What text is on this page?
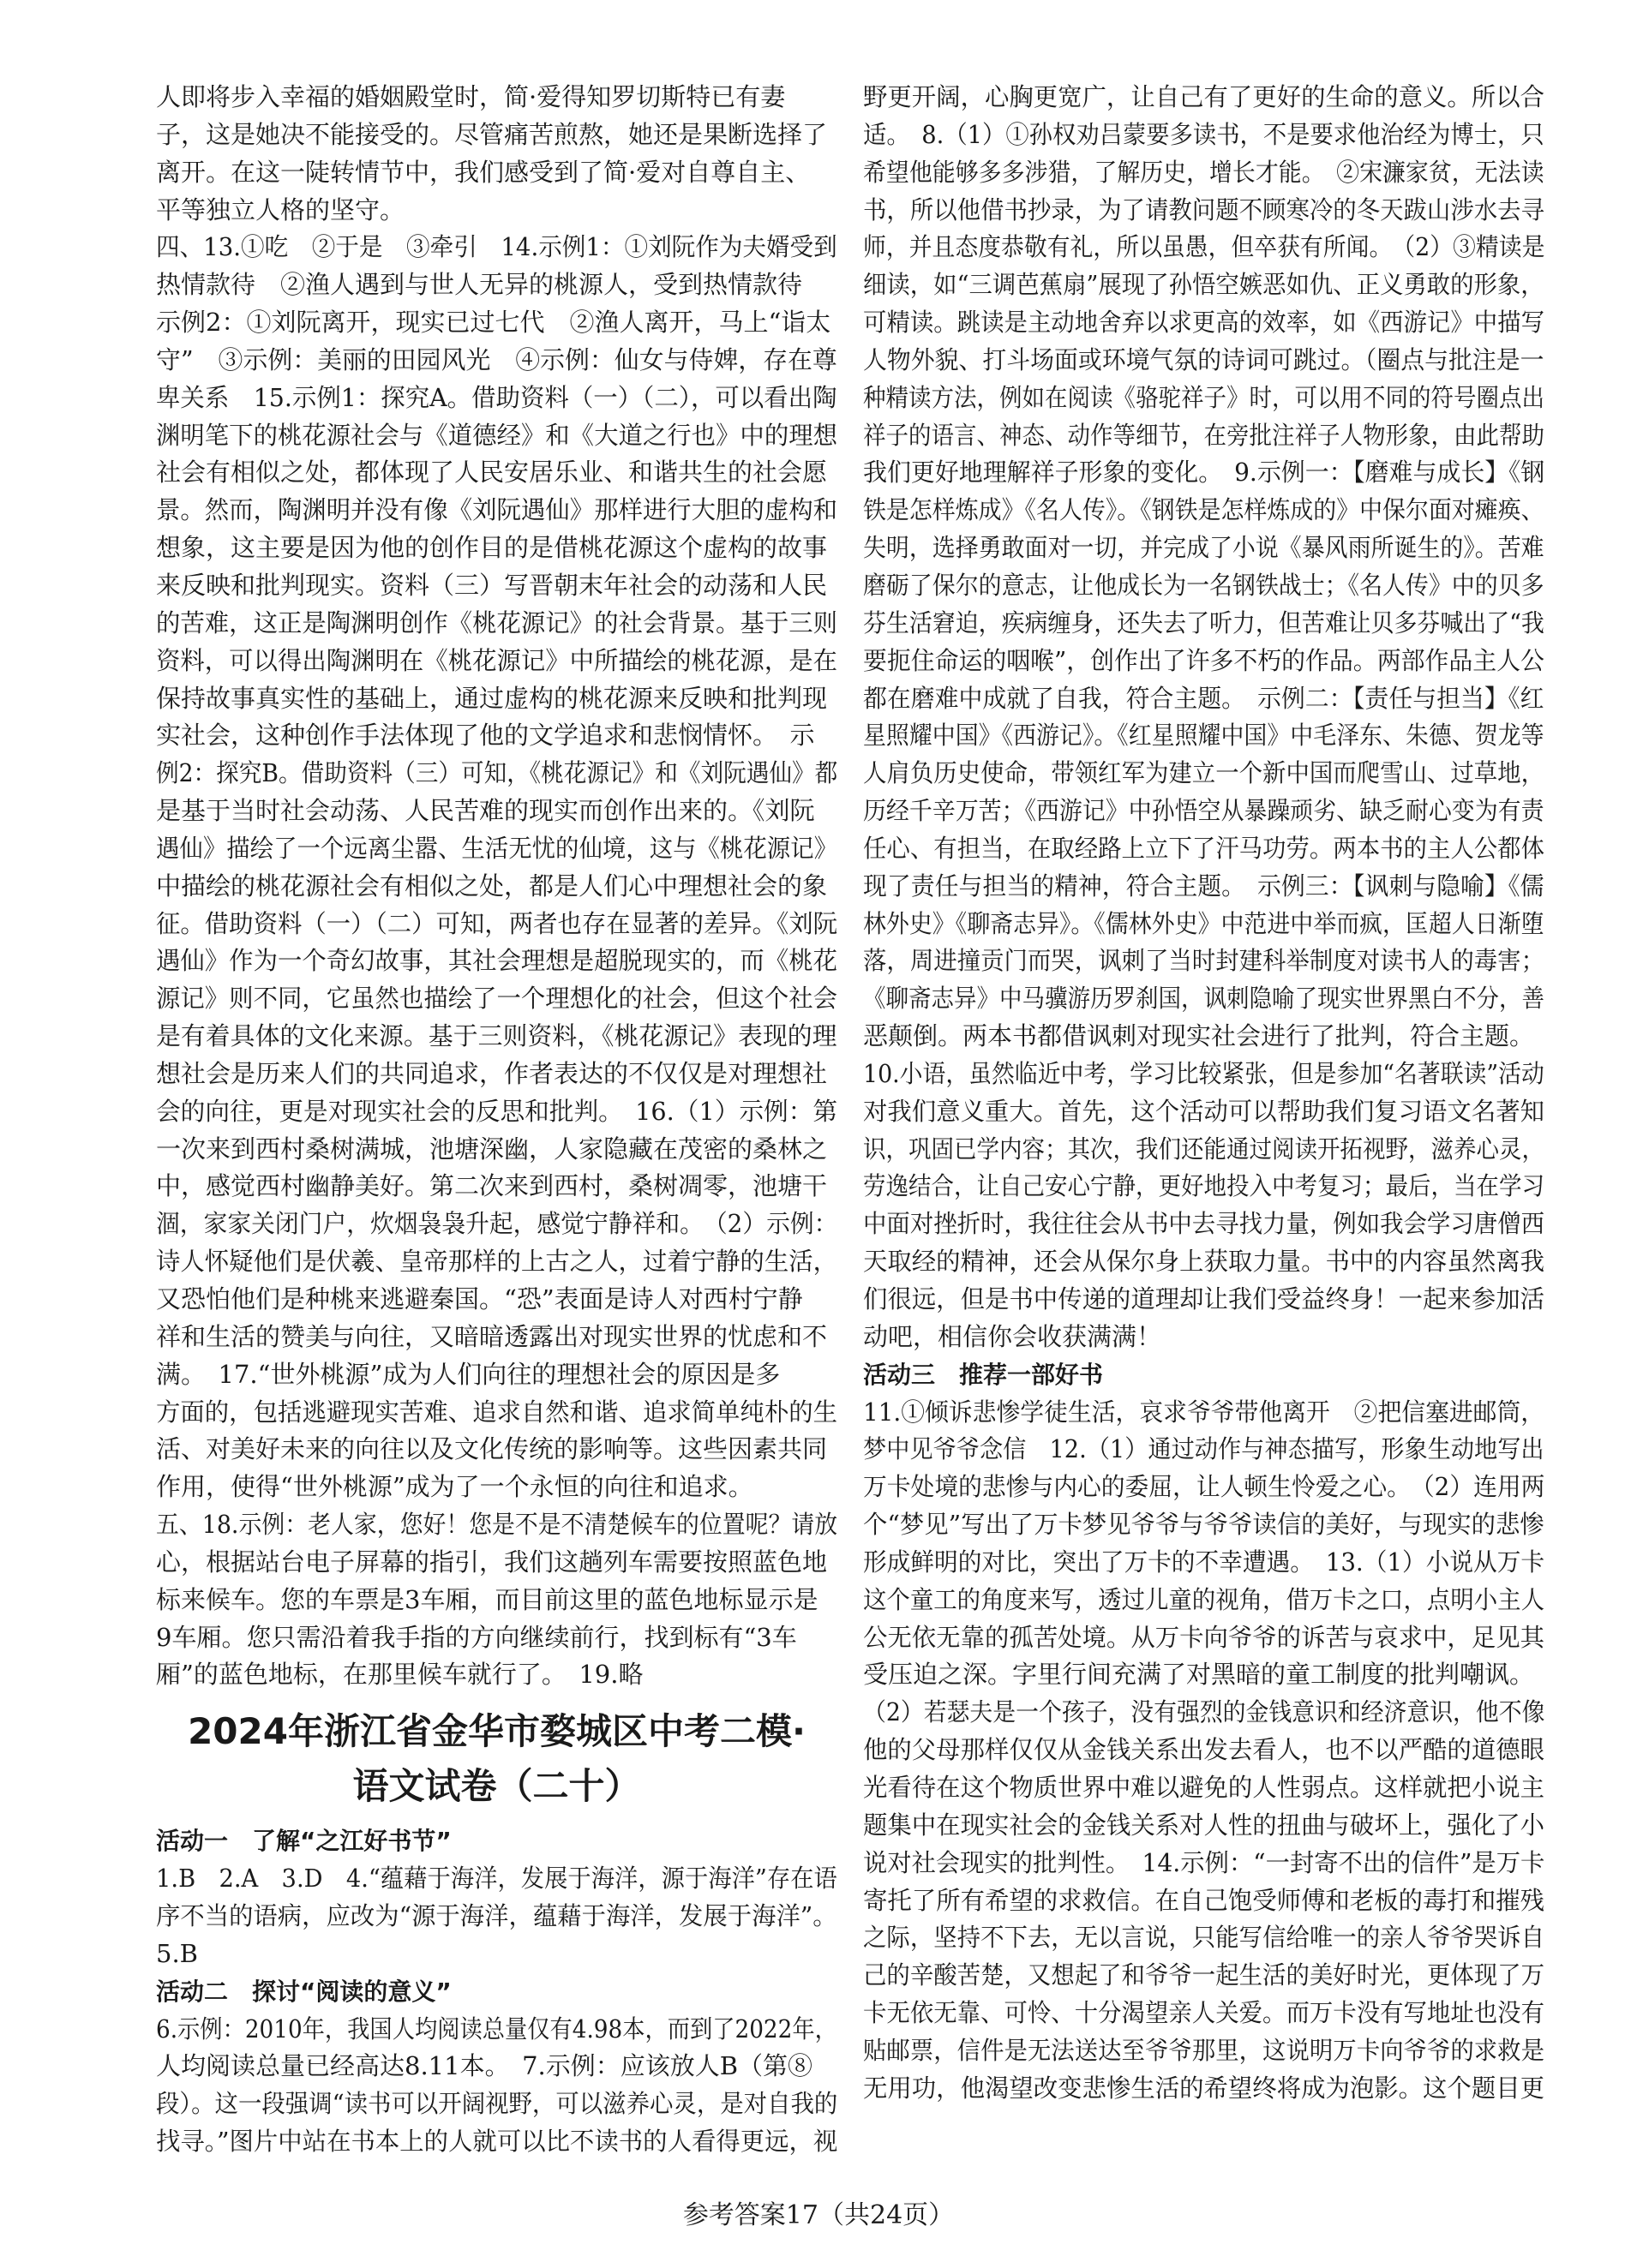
人即将步入幸福的婚姻殿堂时，简·爱得知罗切斯特已有妻
子，这是她决不能接受的。尽管痛苦煎熬，她还是果断选择了
离开。在这一陡转情节中，我们感受到了简·爱对自尊自主、
平等独立人格的坚守。
四、13.①吃　②于是　③牵引　14.示例1：①刘阮作为夫婿受到
热情款待　②渔人遇到与世人无异的桃源人，受到热情款待
示例2：①刘阮离开，现实已过七代　②渔人离开，马上“诣太
守”　③示例：美丽的田园风光　④示例：仙女与侍婢，存在尊
卑关系　15.示例1：探究A。借助资料（一）（二），可以看出陶
渊明笔下的桃花源社会与《道德经》和《大道之行也》中的理想
社会有相似之处，都体现了人民安居乐业、和谐共生的社会愿
景。然而，陶渊明并没有像《刘阮遇仙》那样进行大胆的虚构和
想象，这主要是因为他的创作目的是借桃花源这个虚构的故事
来反映和批判现实。资料（三）写晋朝末年社会的动荡和人民
的苦难，这正是陶渊明创作《桃花源记》的社会背景。基于三则
资料，可以得出陶渊明在《桃花源记》中所描绘的桃花源，是在
保持故事真实性的基础上，通过虚构的桃花源来反映和批判现
实社会，这种创作手法体现了他的文学追求和悲悯情怀。　示
例2：探究B。借助资料（三）可知，《桃花源记》和《刘阮遇仙》都
是基于当时社会动荡、人民苦难的现实而创作出来的。《刘阮
遇仙》描绘了一个远离尘嚣、生活无忧的仙境，这与《桃花源记》
中描绘的桃花源社会有相似之处，都是人们心中理想社会的象
征。借助资料（一）（二）可知，两者也存在显著的差异。《刘阮
遇仙》作为一个奇幻故事，其社会理想是超脱现实的，而《桃花
源记》则不同，它虽然也描绘了一个理想化的社会，但这个社会
是有着具体的文化来源。基于三则资料，《桃花源记》表现的理
想社会是历来人们的共同追求，作者表达的不仅仅是对理想社
会的向往，更是对现实社会的反思和批判。　16.（1）示例：第
一次来到西村桑树满城，池塘深幽，人家隐藏在茂密的桑林之
中，感觉西村幽静美好。第二次来到西村，桑树凋零，池塘干
涸，家家关闭门户，炊烟袅袅升起，感觉宁静祥和。　（2）示例：
诗人怀疑他们是伏羲、皇帝那样的上古之人，过着宁静的生活，
又恐怕他们是种桃来逃避秦国。“恐”表面是诗人对西村宁静
祥和生活的赞美与向往，又暗暗透露出对现实世界的忧虑和不
满。　17.“世外桃源”成为人们向往的理想社会的原因是多
方面的，包括逃避现实苦难、追求自然和谐、追求简单纯朴的生
活、对美好未来的向往以及文化传统的影响等。这些因素共同
作用，使得“世外桃源”成为了一个永恒的向往和追求。
五、18.示例：老人家，您好！您是不是不清楚候车的位置呢？请放
心，根据站台电子屏幕的指引，我们这趟列车需要按照蓝色地
标来候车。您的车票是3车厢，而目前这里的蓝色地标显示是
9车厢。您只需沿着我手指的方向继续前行，找到标有“3车
厢”的蓝色地标，在那里候车就行了。　19.略
2024年浙江省金华市婺城区中考二模·
语文试卷（二十）
活动一　了解“之江好书节”
1.B　2.A　3.D　4.“蕴藉于海洋，发展于海洋，源于海洋”存在语
序不当的语病，应改为“源于海洋，蕴藉于海洋，发展于海洋”。
5.B
活动二　探讨“阅读的意义”
6.示例：2010年，我国人均阅读总量仅有4.98本，而到了2022年，
人均阅读总量已经高达8.11本。　7.示例：应该放人B（第⑧
段）。这一段强调“读书可以开阔视野，可以滋养心灵，是对自我的
找寻。”图片中站在书本上的人就可以比不读书的人看得更远，视
野更开阔，心胸更宽广，让自己有了更好的生命的意义。所以合
适。　8.（1）①孙权劝吕蒙要多读书，不是要求他治经为博士，只
希望他能够多多涉猎，了解历史，增长才能。　②宋濂家贫，无法读
书，所以他借书抄录，为了请教问题不顾寒冷的冬天跋山涉水去寻
师，并且态度恭敬有礼，所以虽愚，但卒获有所闻。　（2）③精读是
细读，如“三调芭蕉扇”展现了孙悟空嫉恶如仇、正义勇敢的形象，
可精读。跳读是主动地舍弃以求更高的效率，如《西游记》中描写
人物外貌、打斗场面或环境气氛的诗词可跳过。（圈点与批注是一
种精读方法，例如在阅读《骆驼祥子》时，可以用不同的符号圈点出
祥子的语言、神态、动作等细节，在旁批注祥子人物形象，由此帮助
我们更好地理解祥子形象的变化。　9.示例一：【磨难与成长】《钢
铁是怎样炼成》《名人传》。《钢铁是怎样炼成的》中保尔面对瘫痪、
失明，选择勇敢面对一切，并完成了小说《暴风雨所诞生的》。苦难
磨砺了保尔的意志，让他成长为一名钢铁战士；《名人传》中的贝多
芬生活窘迫，疾病缠身，还失去了听力，但苦难让贝多芬喊出了“我
要扼住命运的咽喉”，创作出了许多不朽的作品。两部作品主人公
都在磨难中成就了自我，符合主题。　示例二：【责任与担当】《红
星照耀中国》《西游记》。《红星照耀中国》中毛泽东、朱德、贺龙等
人肩负历史使命，带领红军为建立一个新中国而爬雪山、过草地，
历经千辛万苦；《西游记》中孙悟空从暴躁顽劣、缺乏耐心变为有责
任心、有担当，在取经路上立下了汗马功劳。两本书的主人公都体
现了责任与担当的精神，符合主题。　示例三：【讽刺与隐喻】《儒
林外史》《聊斋志异》。《儒林外史》中范进中举而疯，匡超人日渐堕
落，周进撞贡门而哭，讽刺了当时封建科举制度对读书人的毒害；
《聊斋志异》中马骥游历罗刹国，讽刺隐喻了现实世界黑白不分，善
恶颠倒。两本书都借讽刺对现实社会进行了批判，符合主题。
10.小语，虽然临近中考，学习比较紧张，但是参加“名著联读”活动
对我们意义重大。首先，这个活动可以帮助我们复习语文名著知
识，巩固已学内容；其次，我们还能通过阅读开拓视野，滋养心灵，
劳逸结合，让自己安心宁静，更好地投入中考复习；最后，当在学习
中面对挫折时，我往往会从书中去寻找力量，例如我会学习唐僧西
天取经的精神，还会从保尔身上获取力量。书中的内容虽然离我
们很远，但是书中传递的道理却让我们受益终身！一起来参加活
动吧，相信你会收获满满！
活动三　推荐一部好书
11.①倾诉悲惨学徒生活，哀求爷爷带他离开　②把信塞进邮筒，
梦中见爷爷念信　12.（1）通过动作与神态描写，形象生动地写出
万卡处境的悲惨与内心的委屈，让人顿生怜爱之心。　（2）连用两
个“梦见”写出了万卡梦见爷爷与爷爷读信的美好，与现实的悲惨
形成鲜明的对比，突出了万卡的不幸遭遇。　13.（1）小说从万卡
这个童工的角度来写，透过儿童的视角，借万卡之口，点明小主人
公无依无靠的孤苦处境。从万卡向爷爷的诉苦与哀求中，足见其
受压迫之深。字里行间充满了对黑暗的童工制度的批判嘲讽。
（2）若瑟夫是一个孩子，没有强烈的金钱意识和经济意识，他不像
他的父母那样仅仅从金钱关系出发去看人，也不以严酷的道德眼
光看待在这个物质世界中难以避免的人性弱点。这样就把小说主
题集中在现实社会的金钱关系对人性的扭曲与破坏上，强化了小
说对社会现实的批判性。　14.示例：“一封寄不出的信件”是万卡
寄托了所有希望的求救信。在自己饱受师傅和老板的毒打和摧残
之际，坚持不下去，无以言说，只能写信给唯一的亲人爷爷哭诉自
己的辛酸苦楚，又想起了和爷爷一起生活的美好时光，更体现了万
卡无依无靠、可怜、十分渴望亲人关爱。而万卡没有写地址也没有
贴邮票，信件是无法送达至爷爷那里，这说明万卡向爷爷的求救是
无用功，他渴望改变悲惨生活的希望终将成为泡影。这个题目更
参考答案17（共24页）
